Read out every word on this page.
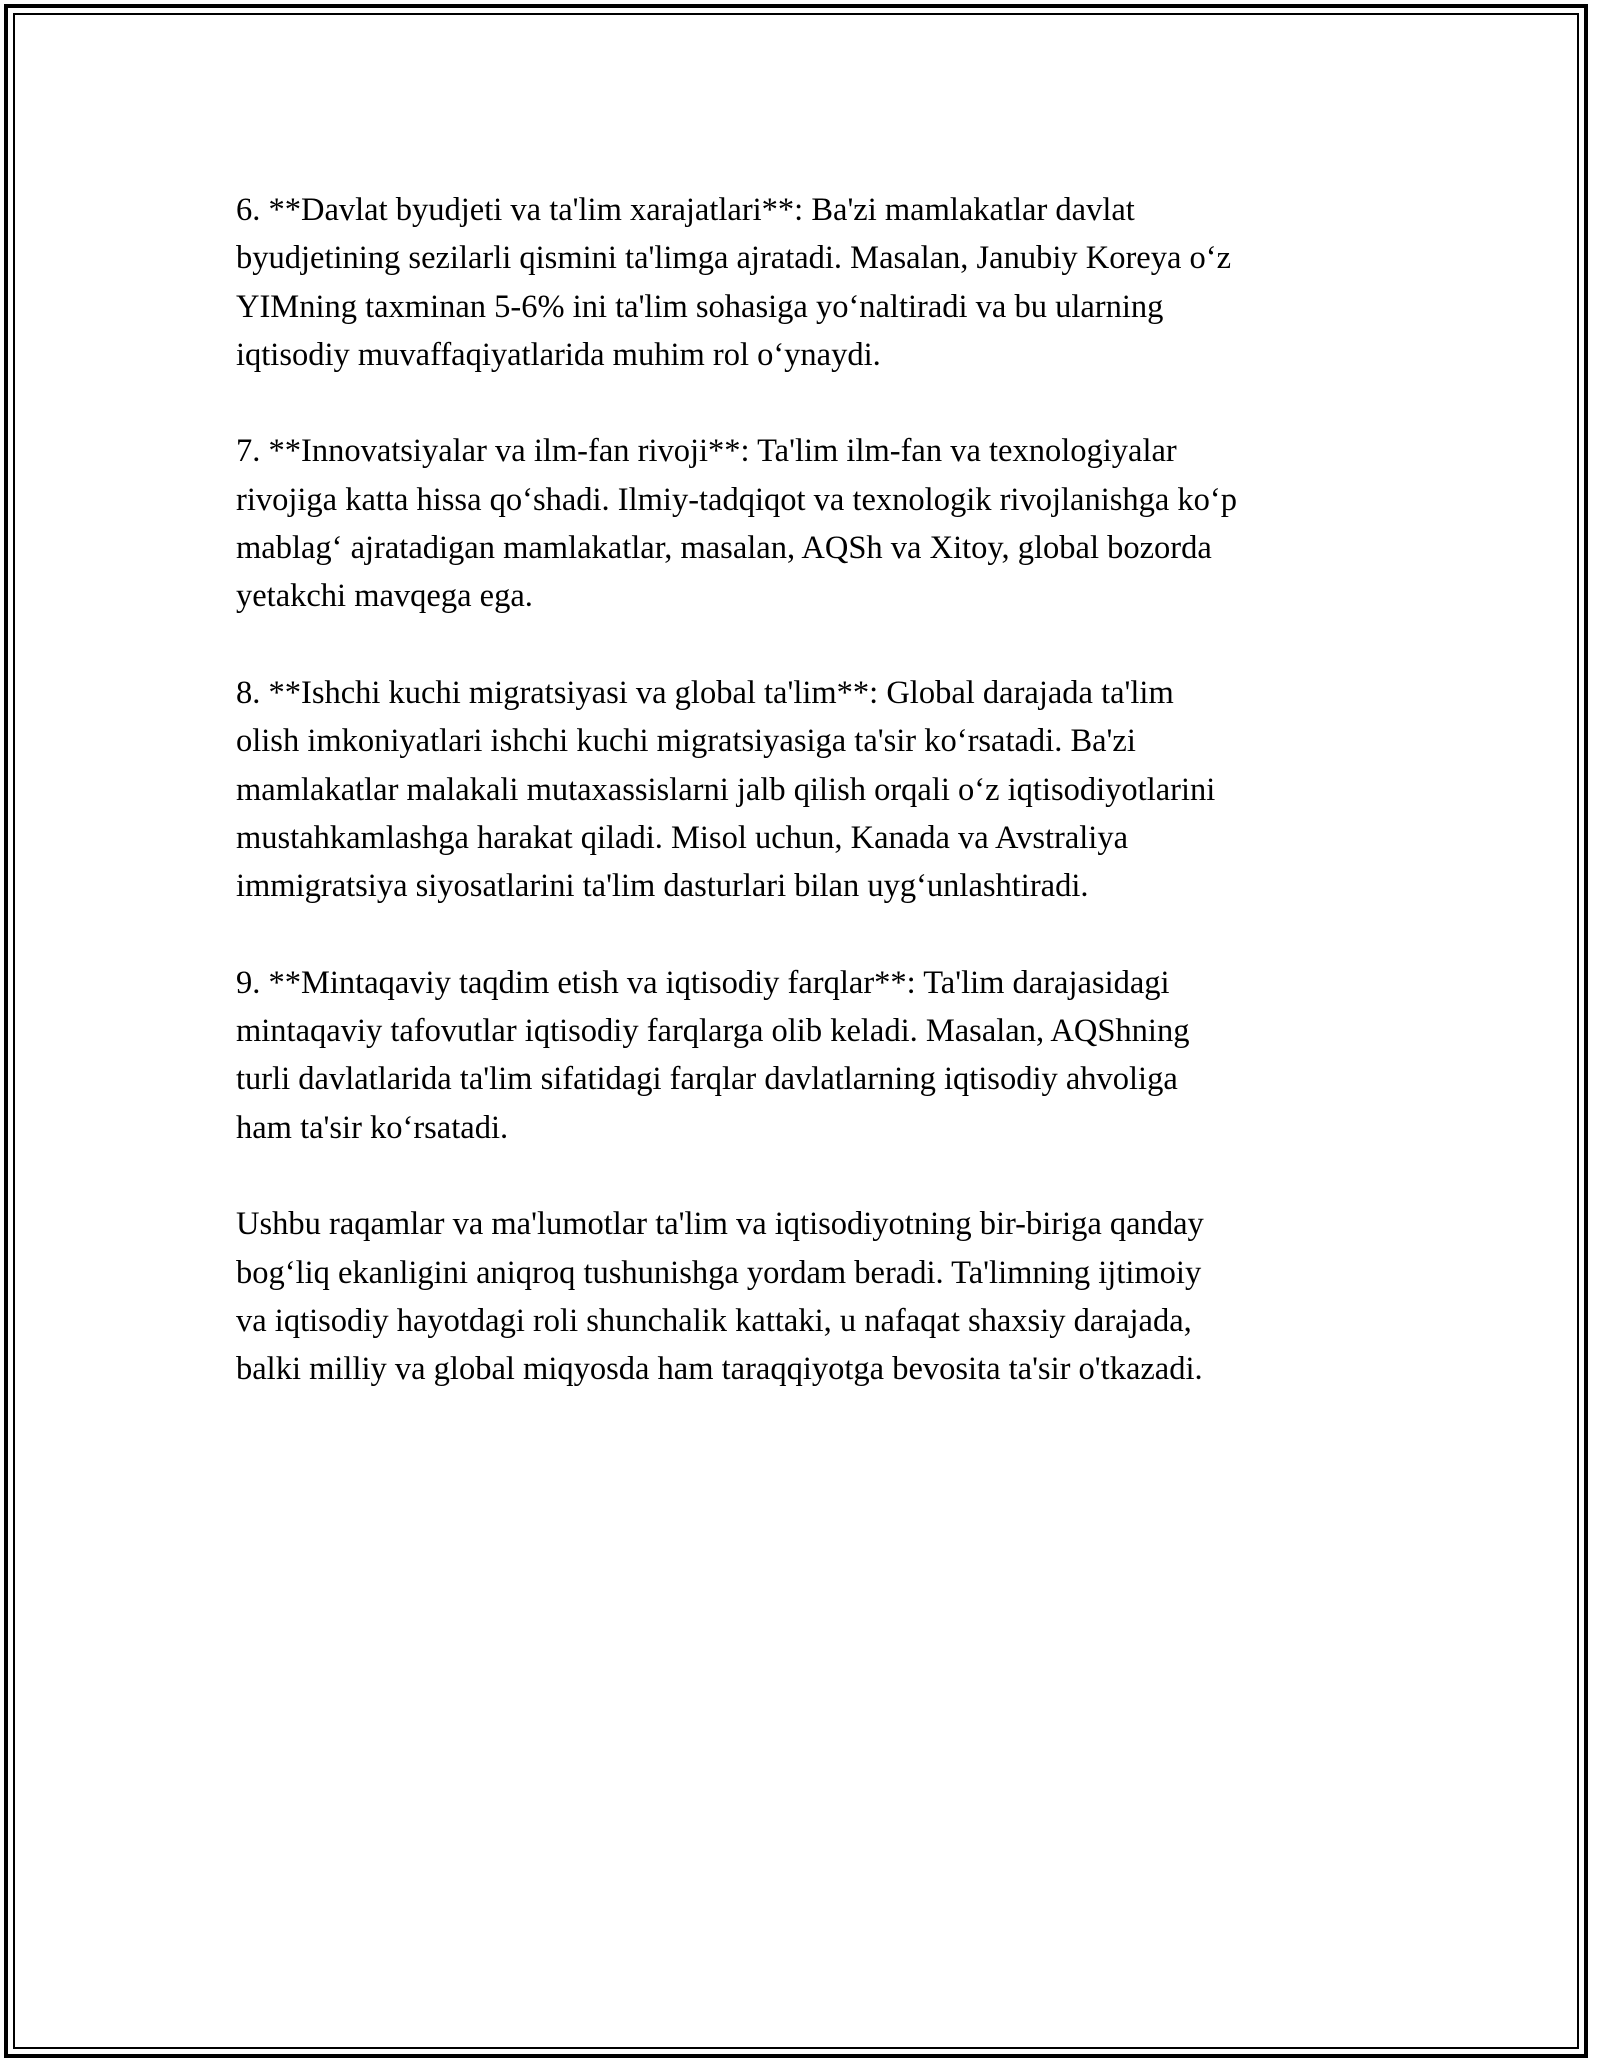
6. **Davlat byudjeti va ta'lim xarajatlari**: Ba'zi mamlakatlar davlat
byudjetining sezilarli qismini ta'limga ajratadi. Masalan, Janubiy Koreya o‘z
YIMning taxminan 5-6% ini ta'lim sohasiga yo‘naltiradi va bu ularning
iqtisodiy muvaffaqiyatlarida muhim rol o‘ynaydi.

7. **Innovatsiyalar va ilm-fan rivoji**: Ta'lim ilm-fan va texnologiyalar
rivojiga katta hissa qo‘shadi. Ilmiy-tadqiqot va texnologik rivojlanishga ko‘p
mablag‘ ajratadigan mamlakatlar, masalan, AQSh va Xitoy, global bozorda
yetakchi mavqega ega.

8. **Ishchi kuchi migratsiyasi va global ta'lim**: Global darajada ta'lim
olish imkoniyatlari ishchi kuchi migratsiyasiga ta'sir ko‘rsatadi. Ba'zi
mamlakatlar malakali mutaxassislarni jalb qilish orqali o‘z iqtisodiyotlarini
mustahkamlashga harakat qiladi. Misol uchun, Kanada va Avstraliya
immigratsiya siyosatlarini ta'lim dasturlari bilan uyg‘unlashtiradi.

9. **Mintaqaviy taqdim etish va iqtisodiy farqlar**: Ta'lim darajasidagi
mintaqaviy tafovutlar iqtisodiy farqlarga olib keladi. Masalan, AQShning
turli davlatlarida ta'lim sifatidagi farqlar davlatlarning iqtisodiy ahvoliga
ham ta'sir ko‘rsatadi.

Ushbu raqamlar va ma'lumotlar ta'lim va iqtisodiyotning bir-biriga qanday
bog‘liq ekanligini aniqroq tushunishga yordam beradi. Ta'limning ijtimoiy
va iqtisodiy hayotdagi roli shunchalik kattaki, u nafaqat shaxsiy darajada,
balki milliy va global miqyosda ham taraqqiyotga bevosita ta'sir o'tkazadi.
